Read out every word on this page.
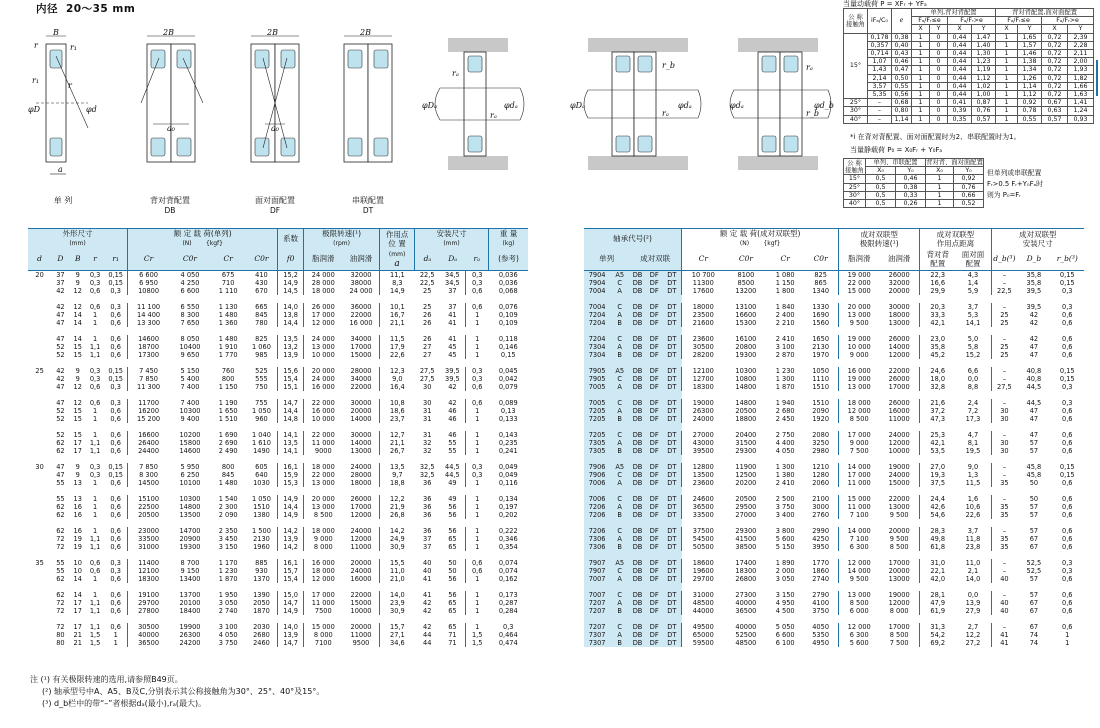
内径 20～35 mm
B
r	r₁
r₁
r
φD	φd
a
单 列
2B
a₀
背对背配置
DB
2B
a₀
面对面配置
DF
2B
串联配置
DT
rₐ
rₐ
φDₐ	φdₐ
r_b
rₐ
φDₐ	φdₐ
rₐ
r_b
φdₐ	φd_b
外形尺寸
(mm)					额 定 载 荷(单列)
(N) {kgf}				系数	极限转速(¹)
(rpm)		作用点
位 置	安装尺寸
(mm)			重 量
(kg)
d	D	B	r	r₁	Cr	C0r	Cr	C0r	f0	脂润滑	油润滑	(mm)
a	dₐ	Dₐ	rₐ	(参考)
20	37	9	0,3	0,15	6 600	4 050	675	410	15,2	24 000	32000	11,1	22,5	34,5	0,3	0,036
	37	9	0,3	0,15	6 950	4 250	710	430	14,9	28 000	38000	8,3	22,5	34,5	0,3	0,036
	42	12	0,6	0,3	10800	6 600	1 110	670	14,5	18 000	24 000	14,9	25	37	0,6	0,068

	42	12	0,6	0,3	11 100	6 550	1 130	665	14,0	26 000	36000	10,1	25	37	0,6	0,076
	47	14	1	0,6	14 400	8 300	1 480	845	13,8	17 000	22000	16,7	26	41	1	0,109
	47	14	1	0,6	13 300	7 650	1 360	780	14,4	12 000	16 000	21,1	26	41	1	0,109

	47	14	1	0,6	14600	8 050	1 480	825	13,5	24 000	34000	11,5	26	41	1	0,118
	52	15	1,1	0,6	18700	10400	1 910	1 060	13,2	13 000	17000	17,9	27	45	1	0,146
	52	15	1,1	0,6	17300	9 650	1 770	985	13,9	10 000	15000	22,6	27	45	1	0,15

25	42	9	0,3	0,15	7 450	5 150	760	525	15,6	20 000	28000	12,3	27,5	39,5	0,3	0,045
	42	9	0,3	0,15	7 850	5 400	800	555	15,4	24 000	34000	9,0	27,5	39,5	0,3	0,042
	47	12	0,6	0,3	11 300	7 400	1 150	750	15,1	16 000	22000	16,4	30	42	0,6	0,079

	47	12	0,6	0,3	11700	7 400	1 190	755	14,7	22 000	30000	10,8	30	42	0,6	0,089
	52	15	1	0,6	16200	10300	1 650	1 050	14,4	16 000	20000	18,6	31	46	1	0,13
	52	15	1	0,6	15 200	9 400	1 510	960	14,8	10 000	14000	23,7	31	46	1	0,133

	52	15	1	0,6	16600	10200	1 690	1 040	14,1	22 000	30000	12,7	31	46	1	0,143
	62	17	1,1	0,6	26400	15800	2 690	1 610	13,5	11 000	14000	21,1	32	55	1	0,235
	62	17	1,1	0,6	24400	14600	2 490	1490	14,1	9000	13000	26,7	32	55	1	0,241

30	47	9	0,3	0,15	7 850	5 950	800	605	16,1	18 000	24000	13,5	32,5	44,5	0,3	0,049
	47	9	0,3	0,15	8 300	6 250	845	640	15,9	22 000	28000	9,7	32,5	44,5	0,3	0,049
	55	13	1	0,6	14500	10100	1 480	1030	15,3	13 000	18000	18,8	36	49	1	0,116

	55	13	1	0,6	15100	10300	1 540	1 050	14,9	20 000	26000	12,2	36	49	1	0,134
	62	16	1	0,6	22500	14800	2 300	1510	14,4	13 000	17000	21,9	36	56	1	0,197
	62	16	1	0,6	20500	13500	2 090	1380	14,9	8 500	12000	26,8	36	56	1	0,202

	62	16	1	0,6	23000	14700	2 350	1 500	14,2	18 000	24000	14,2	36	56	1	0,222
	72	19	1,1	0,6	33500	20900	3 450	2130	13,9	9 000	12000	24,9	37	65	1	0,346
	72	19	1,1	0,6	31000	19300	3 150	1960	14,2	8 000	11000	30,9	37	65	1	0,354

35	55	10	0,6	0,3	11400	8 700	1 170	885	16,1	16 000	20000	15,5	40	50	0,6	0,074
	55	10	0,6	0,3	12100	9 150	1 230	930	15,7	18 000	24000	11,0	40	50	0,6	0,074
	62	14	1	0,6	18300	13400	1 870	1370	15,4	12 000	16000	21,0	41	56	1	0,162

	62	14	1	0,6	19100	13700	1 950	1390	15,0	17 000	22000	14,0	41	56	1	0,173
	72	17	1,1	0,6	29700	20100	3 050	2050	14,7	11 000	15000	23,9	42	65	1	0,287
	72	17	1,1	0,6	27800	18400	2 740	1870	14,9	7500	10000	30,9	42	65	1	0,284

	72	17	1,1	0,6	30500	19900	3 100	2030	14,0	15 000	20000	15,7	42	65	1	0,3
	80	21	1,5	1	40000	26300	4 050	2680	13,9	8 000	11000	27,1	44	71	1,5	0,464
	80	21	1,5	1	36500	24200	3 750	2460	14,7	7100	9500	34,6	44	71	1,5	0,474
轴承代号(²)					额 定 载 荷(成对双联型)
(N) {kgf}				成对双联型
极限转速(¹)		成对双联型
作用点距离		成对双联型
安装尺寸		
单列		成对双联			Cr	C0r	Cr	C0r	脂润滑	油润滑	背对背
配置	面对面
配置	d_b(³)	D_b	r_b(³)
7904	A5	DB	DF	DT	10 700	8100	1 080	825	19 000	26000	22,3	4,3	–	35,8	0,15
7904	C	DB	DF	DT	11300	8500	1 150	865	22 000	32000	16,6	1,4	–	35,8	0,15
7004	A	DB	DF	DT	17600	13200	1 800	1340	15 000	20000	29,9	5,9	22,5	39,5	0,3

7004	C	DB	DF	DT	18000	13100	1 840	1330	20 000	30000	20,3	3,7	–	39,5	0,3
7204	A	DB	DF	DT	23500	16600	2 400	1690	13 000	18000	33,3	5,3	25	42	0,6
7204	B	DB	DF	DT	21600	15300	2 210	1560	9 500	13000	42,1	14,1	25	42	0,6

7204	C	DB	DF	DT	23600	16100	2 410	1650	19 000	26000	23,0	5,0	–	42	0,6
7304	A	DB	DF	DT	30500	20800	3 100	2130	10 000	14000	35,8	5,8	25	47	0,6
7304	B	DB	DF	DT	28200	19300	2 870	1970	9 000	12000	45,2	15,2	25	47	0,6

7905	A5	DB	DF	DT	12100	10300	1 230	1050	16 000	22000	24,6	6,6	–	40,8	0,15
7905	C	DB	DF	DT	12700	10800	1 300	1110	19 000	26000	18,0	0,0	–	40,8	0,15
7005	A	DB	DF	DT	18300	14800	1 870	1510	13 000	17000	32,8	8,8	27,5	44,5	0,3

7005	C	DB	DF	DT	19000	14800	1 940	1510	18 000	26000	21,6	2,4	–	44,5	0,3
7205	A	DB	DF	DT	26300	20500	2 680	2090	12 000	16000	37,2	7,2	30	47	0,6
7205	B	DB	DF	DT	24000	18800	2 450	1920	8 500	11000	47,3	17,3	30	47	0,6

7205	C	DB	DF	DT	27000	20400	2 750	2080	17 000	24000	25,3	4,7	–	47	0,6
7305	A	DB	DF	DT	43000	31500	4 400	3250	9 000	12000	42,1	8,1	30	57	0,6
7305	B	DB	DF	DT	39500	29300	4 050	2980	7 500	10000	53,5	19,5	30	57	0,6

7906	A5	DB	DF	DT	12800	11900	1 300	1210	14 000	19000	27,0	9,0	–	45,8	0,15
7906	C	DB	DF	DT	13500	12500	1 380	1280	17 000	24000	19,3	1,3	–	45,8	0,15
7006	A	DB	DF	DT	23600	20200	2 410	2060	11 000	15000	37,5	11,5	35	50	0,6

7006	C	DB	DF	DT	24600	20500	2 500	2100	15 000	22000	24,4	1,6	–	50	0,6
7206	A	DB	DF	DT	36500	29500	3 750	3000	11 000	13000	42,6	10,6	35	57	0,6
7206	B	DB	DF	DT	33500	27000	3 400	2760	7 100	9 500	54,6	22,6	35	57	0,6

7206	C	DB	DF	DT	37500	29300	3 800	2990	14 000	20000	28,3	3,7	–	57	0,6
7306	A	DB	DF	DT	54500	41500	5 600	4250	7 100	9 500	49,8	11,8	35	67	0,6
7306	B	DB	DF	DT	50500	38500	5 150	3950	6 300	8 500	61,8	23,8	35	67	0,6

7907	A5	DB	DF	DT	18600	17400	1 890	1770	12 000	17000	31,0	11,0	–	52,5	0,3
7907	C	DB	DF	DT	19600	18300	2 000	1860	14 000	20000	22,1	2,1	–	52,5	0,3
7007	A	DB	DF	DT	29700	26800	3 050	2740	9 500	13000	42,0	14,0	40	57	0,6

7007	C	DB	DF	DT	31000	27300	3 150	2790	13 000	19000	28,1	0,0	–	57	0,6
7207	A	DB	DF	DT	48500	40000	4 950	4100	8 500	12000	47,9	13,9	40	67	0,6
7207	B	DB	DF	DT	44000	36500	4 500	3750	6 000	8 000	61,9	27,9	40	67	0,6

7207	C	DB	DF	DT	49500	40000	5 050	4050	12 000	17000	31,3	2,7	–	67	0,6
7307	A	DB	DF	DT	65000	52500	6 600	5350	6 300	8 500	54,2	12,2	41	74	1
7307	B	DB	DF	DT	59500	48500	6 100	4950	5 600	7 500	69,2	27,2	41	74	1
注 (¹) 有关极限转速的选用,请参照B49页。
(²) 轴承型号中A、A5、B及C,分别表示其公称接触角为30°、25°、40°及15°。
(³) d_b栏中的带“–”者根据dₐ(最小),rₐ(最大)。
当量动载荷 P = XFᵣ + YFₐ
公 称
接触角	iFₐ/C₀	e	单列,背对背配置				背对背配置,面对面配置			
			Fₐ/Fᵣ≤e		Fₐ/Fᵣ>e		Fₐ/Fᵣ≤e		Fₐ/Fᵣ>e	
			X	Y	X	Y	X	Y	X	Y
15°	0,178	0,38	1	0	0,44	1,47	1	1,65	0,72	2,39
	0,357	0,40	1	0	0,44	1,40	1	1,57	0,72	2,28
	0,714	0,43	1	0	0,44	1,30	1	1,46	0,72	2,11
	1,07	0,46	1	0	0,44	1,23	1	1,38	0,72	2,00
	1,43	0,47	1	0	0,44	1,19	1	1,34	0,72	1,93
	2,14	0,50	1	0	0,44	1,12	1	1,26	0,72	1,82
	3,57	0,55	1	0	0,44	1,02	1	1,14	0,72	1,66
	5,35	0,56	1	0	0,44	1,00	1	1,12	0,72	1,63
25°	–	0,68	1	0	0,41	0,87	1	0,92	0,67	1,41
30°	–	0,80	1	0	0,39	0,76	1	0,78	0,63	1,24
40°	–	1,14	1	0	0,35	0,57	1	0,55	0,57	0,93
*i 在背对背配置、面对面配置时为2、串联配置时为1。
当量静载荷 P₀ = X₀Fᵣ + Y₀Fₐ
公 称
接触角	单列、串联配置		背对背、面对面配置	
	X₀	Y₀	X₀	Y₀
15°	0,5	0,46	1	0,92
25°	0,5	0,38	1	0,76
30°	0,5	0,33	1	0,66
40°	0,5	0,26	1	0,52
但单列或串联配置
Fᵣ>0.5 Fᵣ+Y₀Fₐ时
则为 P₀=Fᵣ
